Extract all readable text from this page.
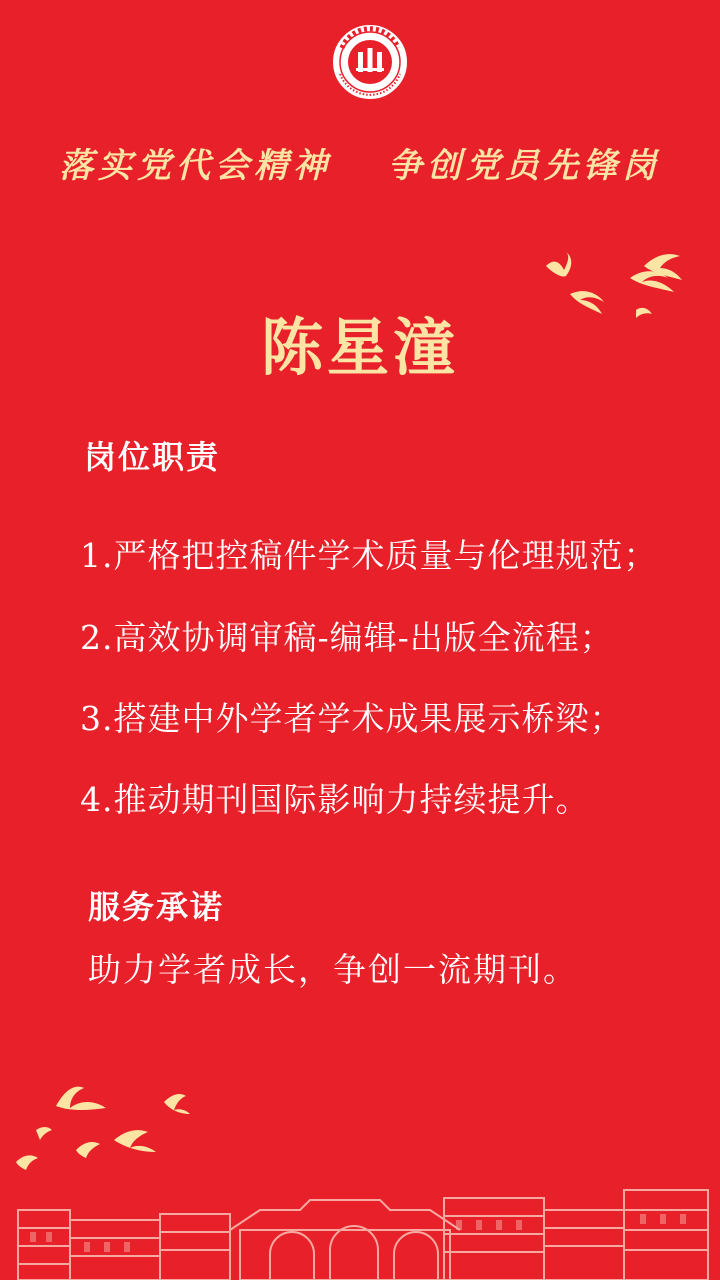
落实党代会精神 争创党员先锋岗
陈星潼
岗位职责
1.严格把控稿件学术质量与伦理规范；
2.高效协调审稿-编辑-出版全流程；
3.搭建中外学者学术成果展示桥梁；
4.推动期刊国际影响力持续提升。
服务承诺
助力学者成长，争创一流期刊。
